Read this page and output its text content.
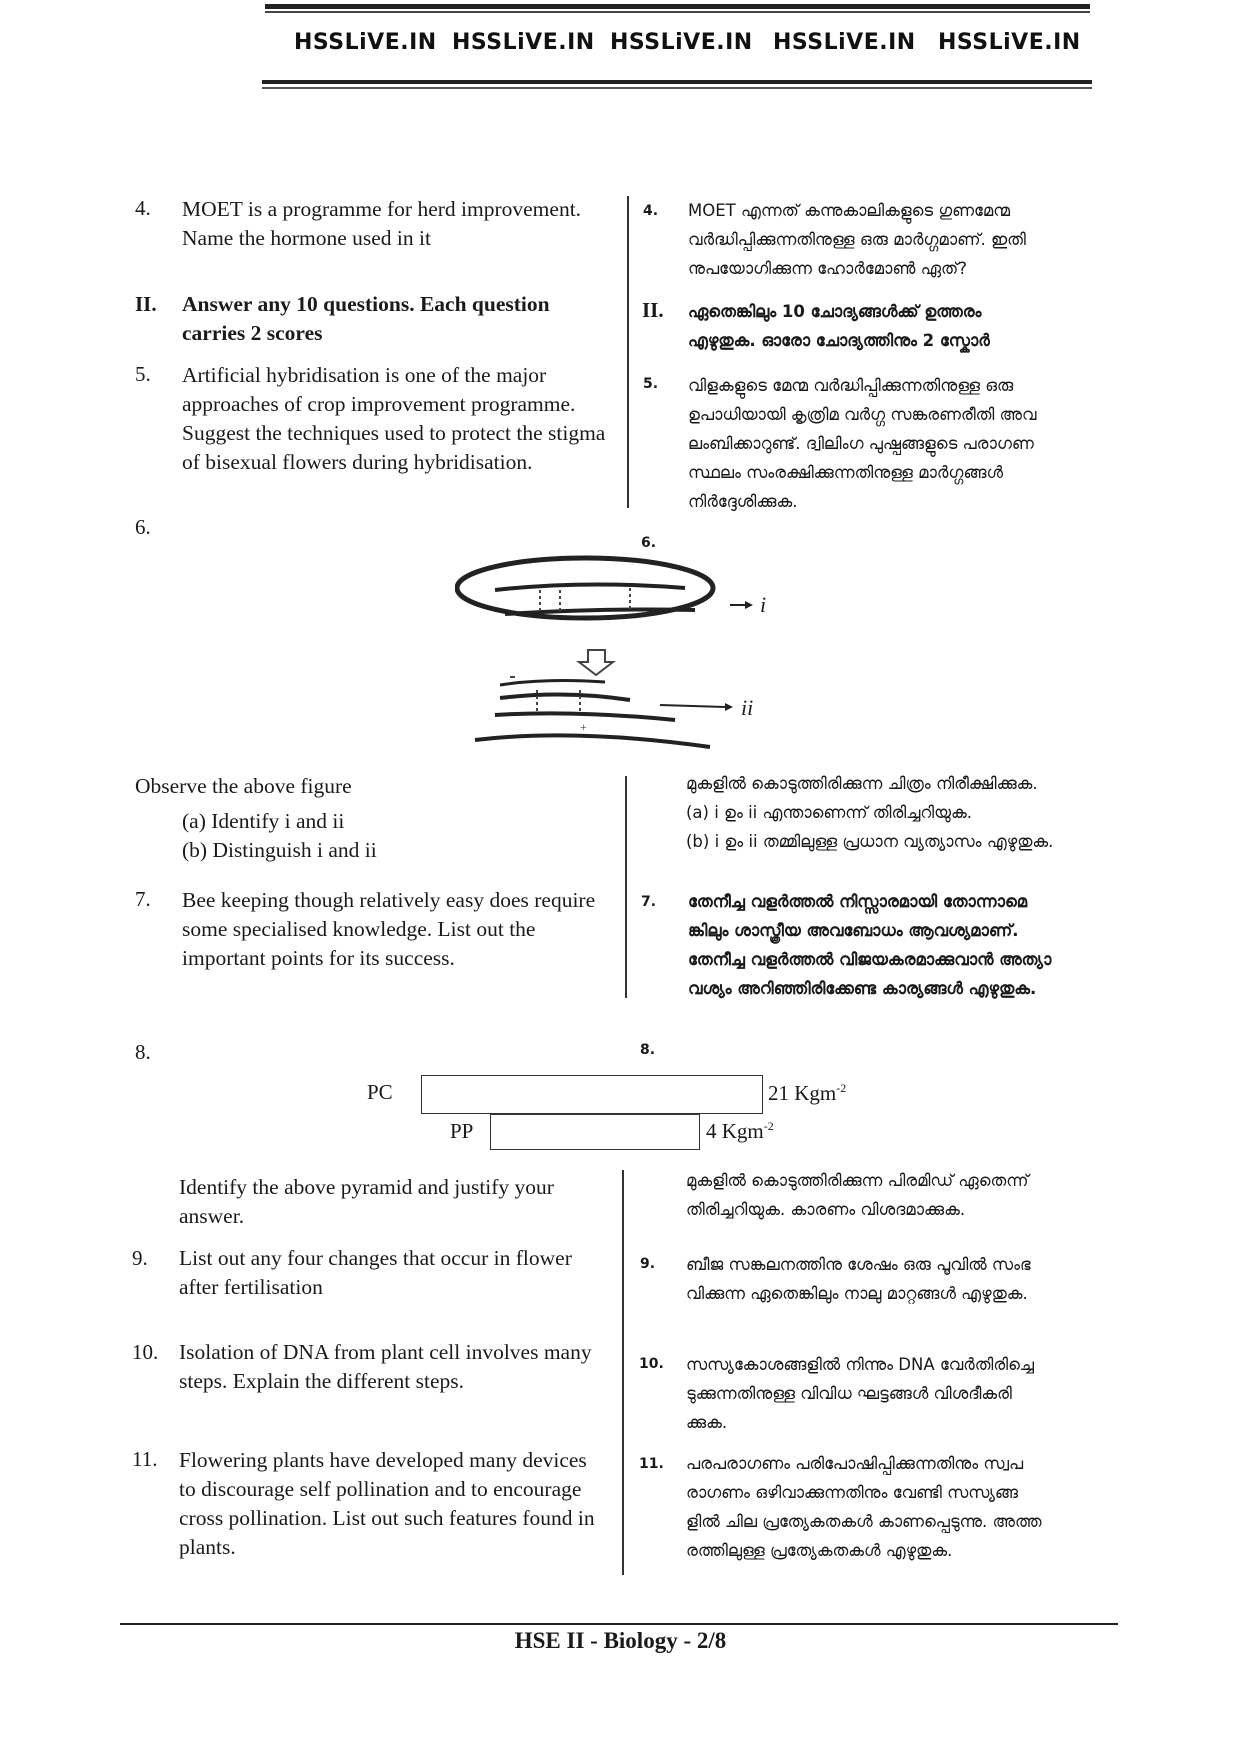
HSSLiVE.IN HSSLiVE.IN HSSLiVE.IN HSSLiVE.IN HSSLiVE.IN
4. MOET is a programme for herd improvement.
Name the hormone used in it
4. MOET എന്നത് കന്നുകാലികളുടെ ഗുണമേന്മ
വർദ്ധിപ്പിക്കുന്നതിനുള്ള ഒരു മാർഗ്ഗമാണ്. ഇതി
നുപയോഗിക്കുന്ന ഹോർമോൺ ഏത്?
II. Answer any 10 questions. Each question
carries 2 scores
II. ഏതെങ്കിലും 10 ചോദ്യങ്ങൾക്ക് ഉത്തരം
എഴുതുക. ഓരോ ചോദ്യത്തിനും 2 സ്കോർ
5. Artificial hybridisation is one of the major
approaches of crop improvement programme.
Suggest the techniques used to protect the stigma
of bisexual flowers during hybridisation.
5. വിളകളുടെ മേന്മ വർദ്ധിപ്പിക്കുന്നതിനുള്ള ഒരു
ഉപാധിയായി കൃത്രിമ വർഗ്ഗ സങ്കരണരീതി അവ
ലംബിക്കാറുണ്ട്. ദ്വിലിംഗ പുഷ്പങ്ങളുടെ പരാഗണ
സ്ഥലം സംരക്ഷിക്കുന്നതിനുള്ള മാർഗ്ഗങ്ങൾ
നിർദ്ദേശിക്കുക.
6.
6.
i
+
ii
Observe the above figure
(a) Identify i and ii
(b) Distinguish i and ii
മുകളിൽ കൊടുത്തിരിക്കുന്ന ചിത്രം നിരീക്ഷിക്കുക.
(a) i ഉം ii എന്താണെന്ന് തിരിച്ചറിയുക.
(b) i ഉം ii തമ്മിലുള്ള പ്രധാന വ്യത്യാസം എഴുതുക.
7. Bee keeping though relatively easy does require
some specialised knowledge. List out the
important points for its success.
7. തേനീച്ച വളർത്തൽ നിസ്സാരമായി തോന്നാമെ
ങ്കിലും ശാസ്ത്രീയ അവബോധം ആവശ്യമാണ്.
തേനീച്ച വളർത്തൽ വിജയകരമാക്കുവാൻ അത്യാ
വശ്യം അറിഞ്ഞിരിക്കേണ്ട കാര്യങ്ങൾ എഴുതുക.
8.	8.
PC	21 Kgm$^{-2}$
PP	4 Kgm$^{-2}$
Identify the above pyramid and justify your
answer.
മുകളിൽ കൊടുത്തിരിക്കുന്ന പിരമിഡ് ഏതെന്ന്
തിരിച്ചറിയുക. കാരണം വിശദമാക്കുക.
9. List out any four changes that occur in flower
after fertilisation
9. ബീജ സങ്കലനത്തിനു ശേഷം ഒരു പൂവിൽ സംഭ
വിക്കുന്ന ഏതെങ്കിലും നാലു മാറ്റങ്ങൾ എഴുതുക.
10. Isolation of DNA from plant cell involves many
steps. Explain the different steps.
10. സസ്യകോശങ്ങളിൽ നിന്നും DNA വേർതിരിച്ചെ
ടുക്കുന്നതിനുള്ള വിവിധ ഘട്ടങ്ങൾ വിശദീകരി
ക്കുക.
11. Flowering plants have developed many devices
to discourage self pollination and to encourage
cross pollination. List out such features found in
plants.
11. പരപരാഗണം പരിപോഷിപ്പിക്കുന്നതിനും സ്വപ
രാഗണം ഒഴിവാക്കുന്നതിനും വേണ്ടി സസ്യങ്ങ
ളിൽ ചില പ്രത്യേകതകൾ കാണപ്പെടുന്നു. അത്ത
രത്തിലുള്ള പ്രത്യേകതകൾ എഴുതുക.
HSE II - Biology - 2/8
